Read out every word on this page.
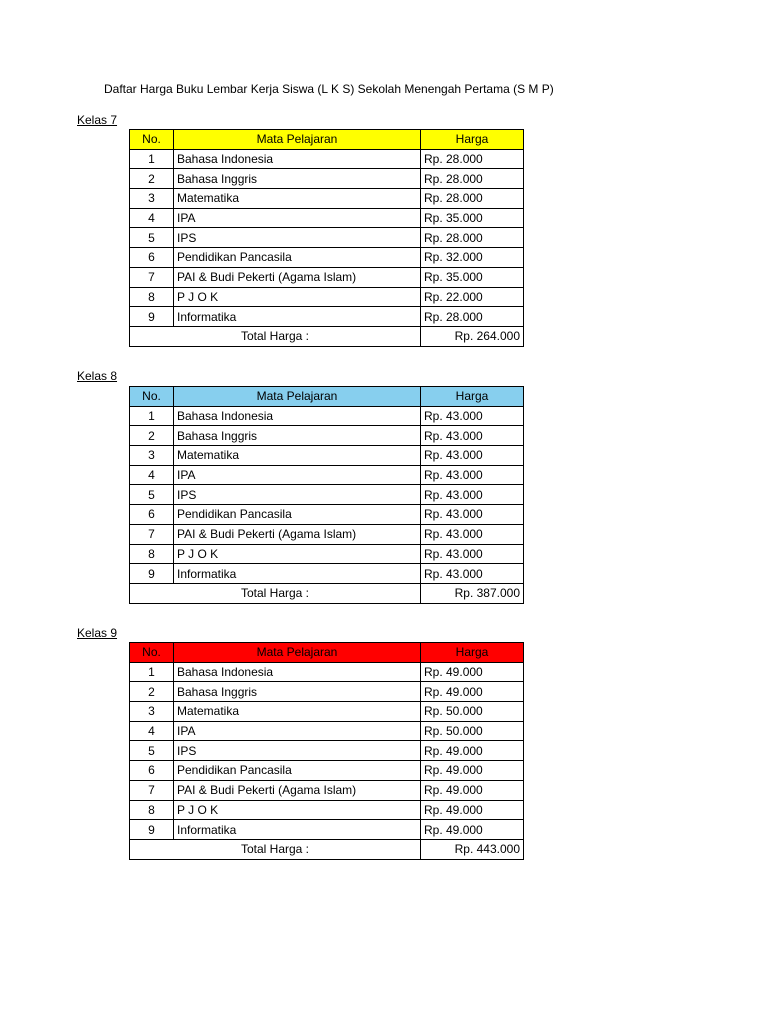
Daftar Harga Buku Lembar Kerja Siswa (L K S) Sekolah Menengah Pertama (S M P)
Kelas 7
No.	Mata Pelajaran	Harga
1	Bahasa Indonesia	Rp. 28.000
2	Bahasa Inggris	Rp. 28.000
3	Matematika	Rp. 28.000
4	IPA	Rp. 35.000
5	IPS	Rp. 28.000
6	Pendidikan Pancasila	Rp. 32.000
7	PAI & Budi Pekerti (Agama Islam)	Rp. 35.000
8	P J O K	Rp. 22.000
9	Informatika	Rp. 28.000
Total Harga :		Rp. 264.000
Kelas 8
No.	Mata Pelajaran	Harga
1	Bahasa Indonesia	Rp. 43.000
2	Bahasa Inggris	Rp. 43.000
3	Matematika	Rp. 43.000
4	IPA	Rp. 43.000
5	IPS	Rp. 43.000
6	Pendidikan Pancasila	Rp. 43.000
7	PAI & Budi Pekerti (Agama Islam)	Rp. 43.000
8	P J O K	Rp. 43.000
9	Informatika	Rp. 43.000
Total Harga :		Rp. 387.000
Kelas 9
No.	Mata Pelajaran	Harga
1	Bahasa Indonesia	Rp. 49.000
2	Bahasa Inggris	Rp. 49.000
3	Matematika	Rp. 50.000
4	IPA	Rp. 50.000
5	IPS	Rp. 49.000
6	Pendidikan Pancasila	Rp. 49.000
7	PAI & Budi Pekerti (Agama Islam)	Rp. 49.000
8	P J O K	Rp. 49.000
9	Informatika	Rp. 49.000
Total Harga :		Rp. 443.000
